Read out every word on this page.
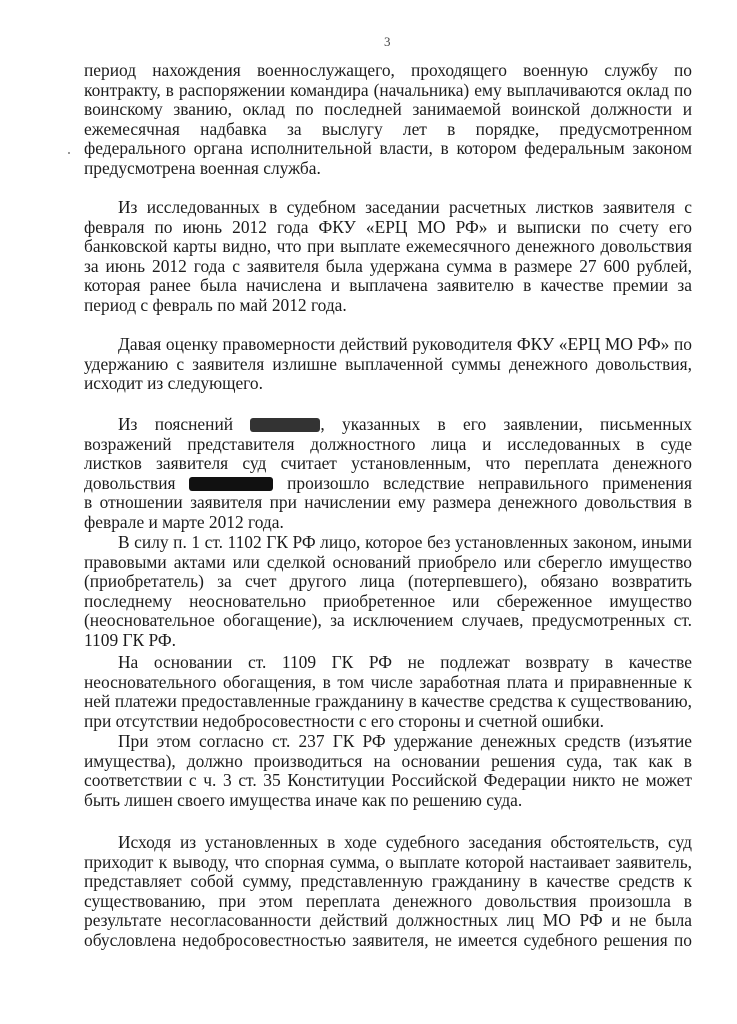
3
период нахождения военнослужащего, проходящего военную службу по
контракту, в распоряжении командира (начальника) ему выплачиваются оклад по
воинскому званию, оклад по последней занимаемой воинской должности и
ежемесячная надбавка за выслугу лет в порядке, предусмотренном
федерального органа исполнительной власти, в котором федеральным законом
предусмотрена военная служба.
Из исследованных в судебном заседании расчетных листков заявителя с
февраля по июнь 2012 года ФКУ «ЕРЦ МО РФ» и выписки по счету его
банковской карты видно, что при выплате ежемесячного денежного довольствия
за июнь 2012 года с заявителя была удержана сумма в размере 27 600 рублей,
которая ранее была начислена и выплачена заявителю в качестве премии за
период с февраль по май 2012 года.
Давая оценку правомерности действий руководителя ФКУ «ЕРЦ МО РФ» по
удержанию с заявителя излишне выплаченной суммы денежного довольствия,
исходит из следующего.
Из пояснений	, указанных в его заявлении, письменных
возражений представителя должностного лица и исследованных в суде
листков заявителя суд считает установленным, что переплата денежного
довольствия	произошло вследствие неправильного применения
в отношении заявителя при начислении ему размера денежного довольствия в
феврале и марте 2012 года.
В силу п. 1 ст. 1102 ГК РФ лицо, которое без установленных законом, иными
правовыми актами или сделкой оснований приобрело или сберегло имущество
(приобретатель) за счет другого лица (потерпевшего), обязано возвратить
последнему неосновательно приобретенное или сбереженное имущество
(неосновательное обогащение), за исключением случаев, предусмотренных ст.
1109 ГК РФ.
На основании ст. 1109 ГК РФ не подлежат возврату в качестве
неосновательного обогащения, в том числе заработная плата и приравненные к
ней платежи предоставленные гражданину в качестве средства к существованию,
при отсутствии недобросовестности с его стороны и счетной ошибки.
При этом согласно ст. 237 ГК РФ удержание денежных средств (изъятие
имущества), должно производиться на основании решения суда, так как в
соответствии с ч. 3 ст. 35 Конституции Российской Федерации никто не может
быть лишен своего имущества иначе как по решению суда.
Исходя из установленных в ходе судебного заседания обстоятельств, суд
приходит к выводу, что спорная сумма, о выплате которой настаивает заявитель,
представляет собой сумму, представленную гражданину в качестве средств к
существованию, при этом переплата денежного довольствия произошла в
результате несогласованности действий должностных лиц МО РФ и не была
обусловлена недобросовестностью заявителя, не имеется судебного решения по
